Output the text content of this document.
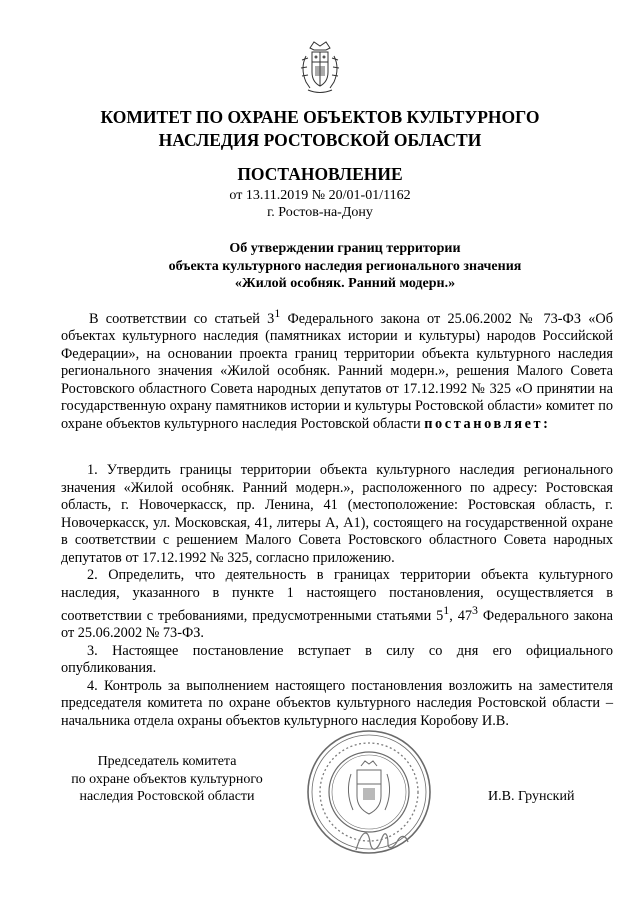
КОМИТЕТ ПО ОХРАНЕ ОБЪЕКТОВ КУЛЬТУРНОГО
НАСЛЕДИЯ РОСТОВСКОЙ ОБЛАСТИ
ПОСТАНОВЛЕНИЕ
от 13.11.2019 № 20/01-01/1162
г. Ростов-на-Дону
Об утверждении границ территории
объекта культурного наследия регионального значения
«Жилой особняк. Ранний модерн.»
В соответствии со статьей $3^1$ Федерального закона от 25.06.2002 № 73-ФЗ «Об объектах культурного наследия (памятниках истории и культуры) народов Российской Федерации», на основании проекта границ территории объекта культурного наследия регионального значения «Жилой особняк. Ранний модерн.», решения Малого Совета Ростовского областного Совета народных депутатов от 17.12.1992 № 325 «О принятии на государственную охрану памятников истории и культуры Ростовской области» комитет по охране объектов культурного наследия Ростовской области постановляет:

1. Утвердить границы территории объекта культурного наследия регионального значения «Жилой особняк. Ранний модерн.», расположенного по адресу: Ростовская область, г. Новочеркасск, пр. Ленина, 41 (местоположение: Ростовская область, г. Новочеркасск, ул. Московская, 41, литеры А, А1), состоящего на государственной охране в соответствии с решением Малого Совета Ростовского областного Совета народных депутатов от 17.12.1992 № 325, согласно приложению.

2. Определить, что деятельность в границах территории объекта культурного наследия, указанного в пункте 1 настоящего постановления, осуществляется в соответствии с требованиями, предусмотренными статьями $5^1$, $47^3$ Федерального закона от 25.06.2002 № 73-ФЗ.

3. Настоящее постановление вступает в силу со дня его официального опубликования.

4. Контроль за выполнением настоящего постановления возложить на заместителя председателя комитета по охране объектов культурного наследия Ростовской области – начальника отдела охраны объектов культурного наследия Коробову И.В.

Председатель комитета
по охране объектов культурного
наследия Ростовской области	И.В. Грунский
